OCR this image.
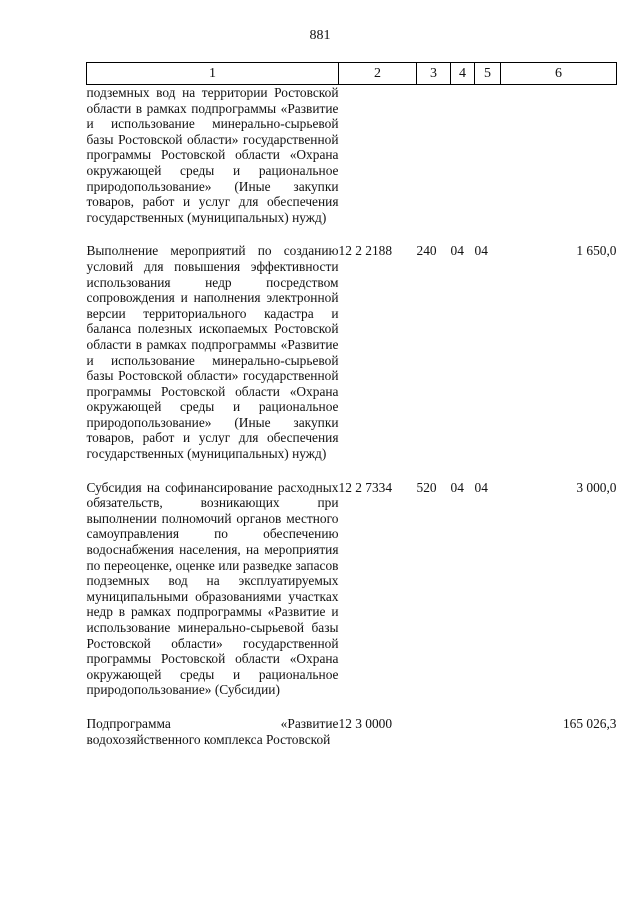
881
1	2	3	4	5	6
подземных вод на территории Ростовской области в рамках подпрограммы «Развитие и использование минерально-сырьевой базы Ростовской области» государственной программы Ростовской области «Охрана окружающей среды и рациональное природопользование» (Иные закупки товаров, работ и услуг для обеспечения государственных (муниципальных) нужд)					
Выполнение мероприятий по созданию условий для повышения эффективности использования недр посредством сопровождения и наполнения электронной версии территориального кадастра и баланса полезных ископаемых Ростовской области в рамках подпрограммы «Развитие и использование минерально-сырьевой базы Ростовской области» государственной программы Ростовской области «Охрана окружающей среды и рациональное природопользование» (Иные закупки товаров, работ и услуг для обеспечения государственных (муниципальных) нужд)	12 2 2188	240	04	04	1 650,0
Субсидия на софинансирование расходных обязательств, возникающих при выполнении полномочий органов местного самоуправления по обеспечению водоснабжения населения, на мероприятия по переоценке, оценке или разведке запасов подземных вод на эксплуатируемых муниципальными образованиями участках недр в рамках подпрограммы «Развитие и использование минерально-сырьевой базы Ростовской области» государственной программы Ростовской области «Охрана окружающей среды и рациональное природопользование» (Субсидии)	12 2 7334	520	04	04	3 000,0
Подпрограмма «Развитие водохозяйственного комплекса Ростовской	12 3 0000				165 026,3
